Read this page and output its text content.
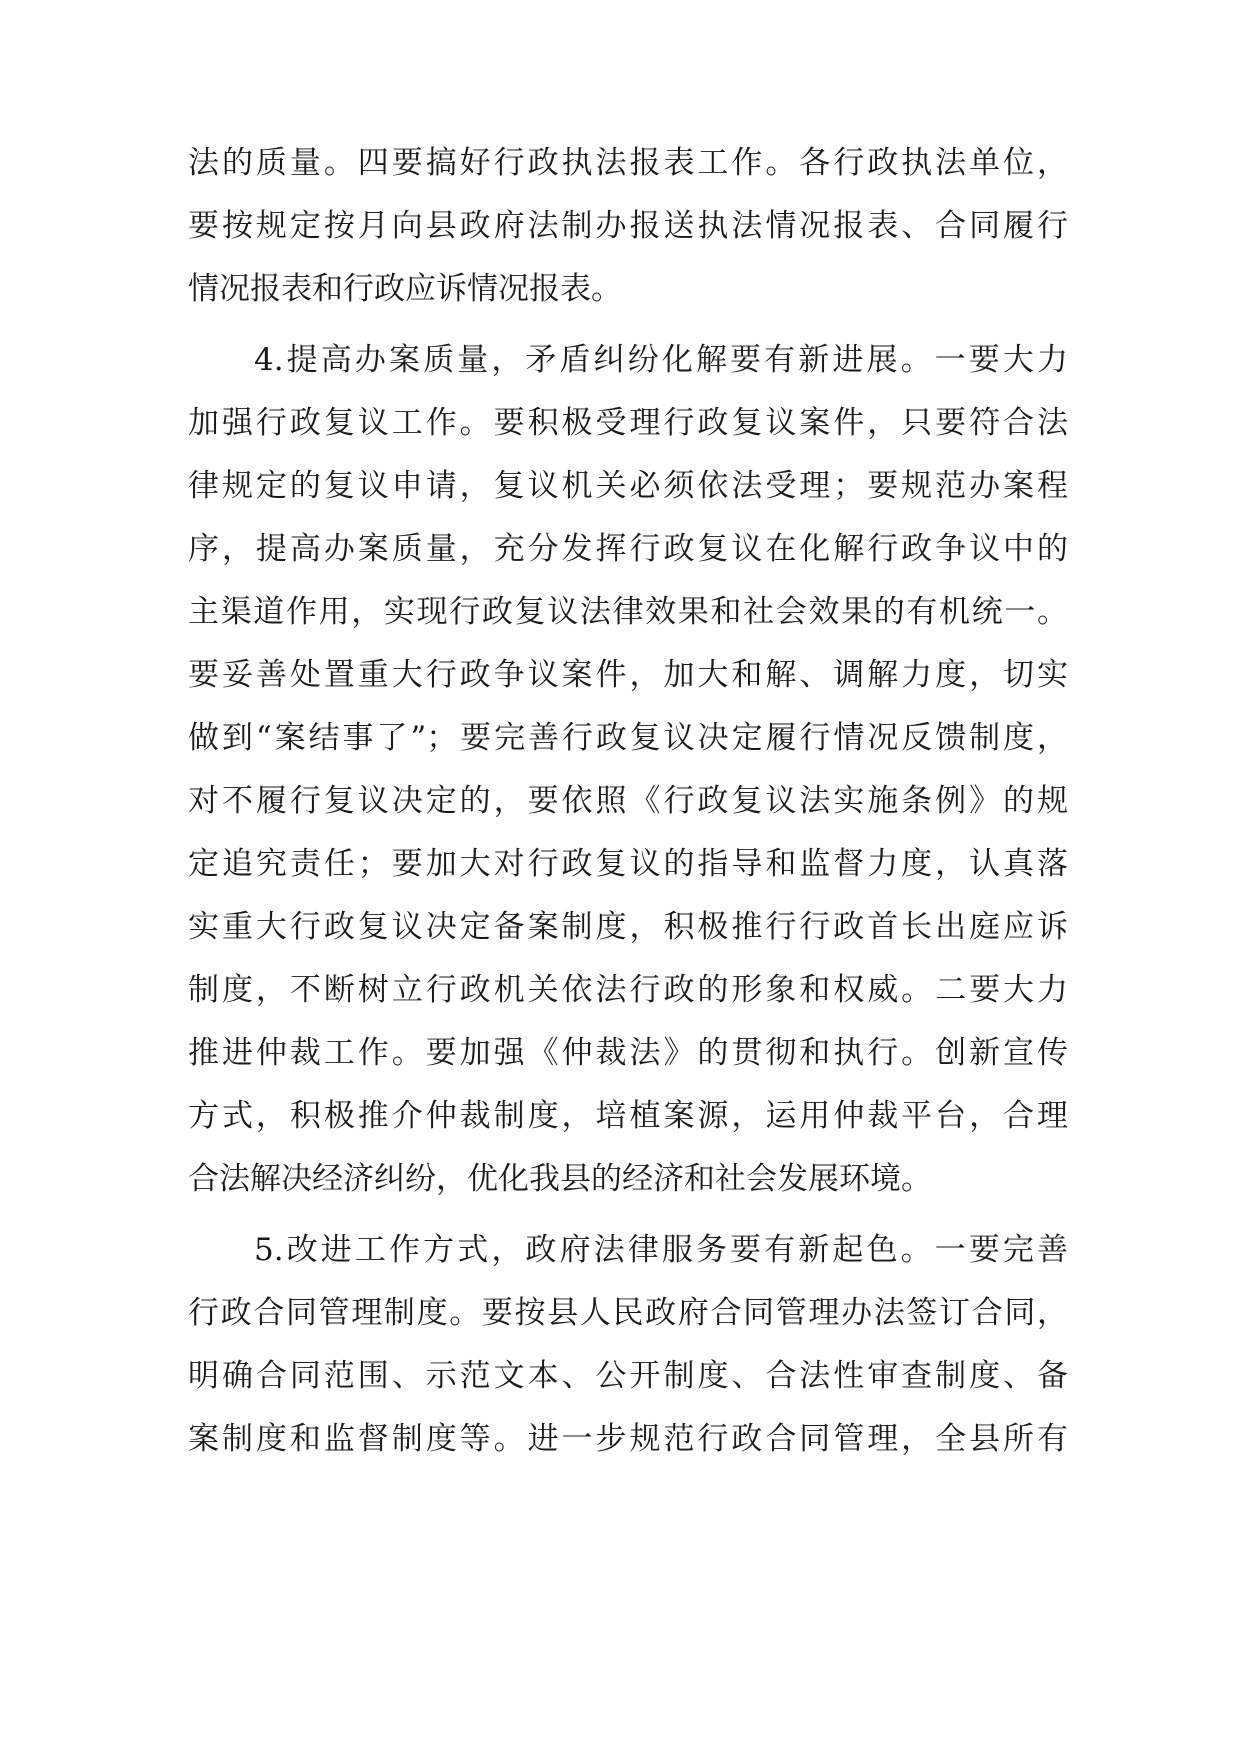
法的质量。四要搞好行政执法报表工作。各行政执法单位，
要按规定按月向县政府法制办报送执法情况报表、合同履行
情况报表和行政应诉情况报表。
4.提高办案质量，矛盾纠纷化解要有新进展。一要大力
加强行政复议工作。要积极受理行政复议案件，只要符合法
律规定的复议申请，复议机关必须依法受理；要规范办案程
序，提高办案质量，充分发挥行政复议在化解行政争议中的
主渠道作用，实现行政复议法律效果和社会效果的有机统一。
要妥善处置重大行政争议案件，加大和解、调解力度，切实
做到“案结事了”；要完善行政复议决定履行情况反馈制度，
对不履行复议决定的，要依照《行政复议法实施条例》的规
定追究责任；要加大对行政复议的指导和监督力度，认真落
实重大行政复议决定备案制度，积极推行行政首长出庭应诉
制度，不断树立行政机关依法行政的形象和权威。二要大力
推进仲裁工作。要加强《仲裁法》的贯彻和执行。创新宣传
方式，积极推介仲裁制度，培植案源，运用仲裁平台，合理
合法解决经济纠纷，优化我县的经济和社会发展环境。
5.改进工作方式，政府法律服务要有新起色。一要完善
行政合同管理制度。要按县人民政府合同管理办法签订合同，
明确合同范围、示范文本、公开制度、合法性审查制度、备
案制度和监督制度等。进一步规范行政合同管理，全县所有
